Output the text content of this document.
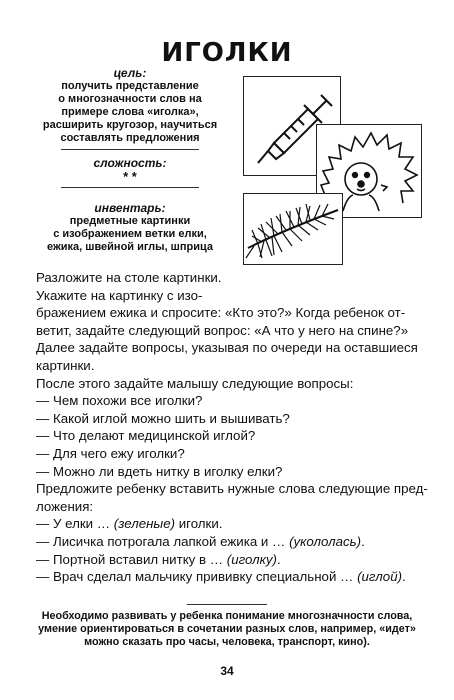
ИГОЛКИ
цель:
получить представление
о многозначности слов на
примере слова «иголка»,
расширить кругозор, научиться
составлять предложения
сложность:
* *
инвентарь:
предметные картинки
с изображением ветки елки,
ежика, швейной иглы, шприца

Разложите на столе картинки.

Укажите на картинку с изо-

бражением ежика и спросите: «Кто это?» Когда ребенок от-

ветит, задайте следующий вопрос: «А что у него на спине?»

Далее задайте вопросы, указывая по очереди на оставшиеся

картинки.

После этого задайте малышу следующие вопросы:

— Чем похожи все иголки?

— Какой иглой можно шить и вышивать?

— Что делают медицинской иглой?

— Для чего ежу иголки?

— Можно ли вдеть нитку в иголку елки?

Предложите ребенку вставить нужные слова следующие пред-

ложения:

— У елки … (зеленые) иголки.

— Лисичка потрогала лапкой ежика и … (укололась).

— Портной вставил нитку в … (иголку).

— Врач сделал мальчику прививку специальной … (иглой).

Необходимо развивать у ребенка понимание многозначности слова,
умение ориентироваться в сочетании разных слов, например, «идет»
можно сказать про часы, человека, транспорт, кино).
34
